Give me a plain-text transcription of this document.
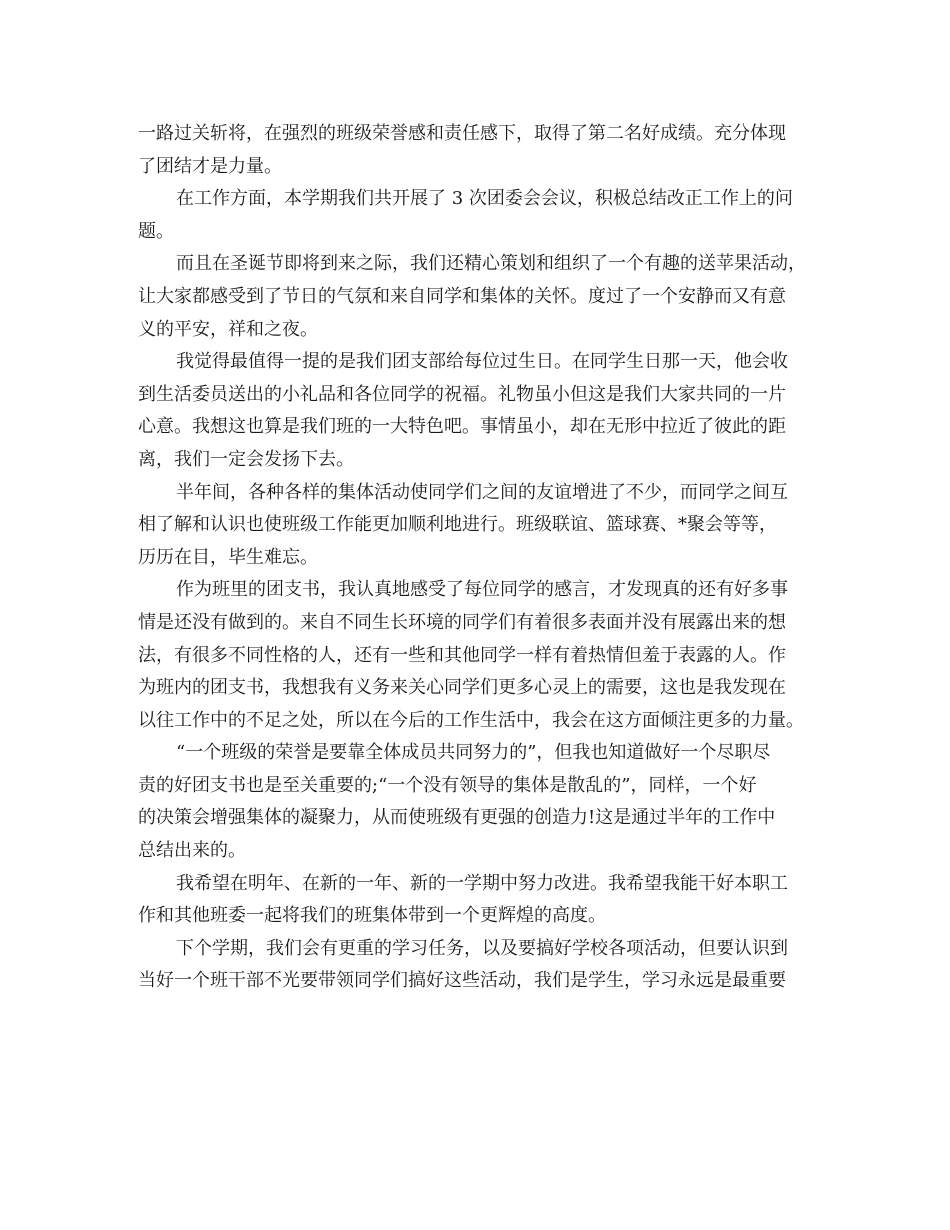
一路过关斩将，在强烈的班级荣誉感和责任感下，取得了第二名好成绩。充分体现
了团结才是力量。
在工作方面，本学期我们共开展了 3 次团委会会议，积极总结改正工作上的问
题。
而且在圣诞节即将到来之际，我们还精心策划和组织了一个有趣的送苹果活动，
让大家都感受到了节日的气氛和来自同学和集体的关怀。度过了一个安静而又有意
义的平安，祥和之夜。
我觉得最值得一提的是我们团支部给每位过生日。在同学生日那一天，他会收
到生活委员送出的小礼品和各位同学的祝福。礼物虽小但这是我们大家共同的一片
心意。我想这也算是我们班的一大特色吧。事情虽小，却在无形中拉近了彼此的距
离，我们一定会发扬下去。
半年间，各种各样的集体活动使同学们之间的友谊增进了不少，而同学之间互
相了解和认识也使班级工作能更加顺利地进行。班级联谊、篮球赛、*聚会等等，
历历在目，毕生难忘。
作为班里的团支书，我认真地感受了每位同学的感言，才发现真的还有好多事
情是还没有做到的。来自不同生长环境的同学们有着很多表面并没有展露出来的想
法，有很多不同性格的人，还有一些和其他同学一样有着热情但羞于表露的人。作
为班内的团支书，我想我有义务来关心同学们更多心灵上的需要，这也是我发现在
以往工作中的不足之处，所以在今后的工作生活中，我会在这方面倾注更多的力量。
“一个班级的荣誉是要靠全体成员共同努力的”，但我也知道做好一个尽职尽
责的好团支书也是至关重要的;“一个没有领导的集体是散乱的”，同样，一个好
的决策会增强集体的凝聚力，从而使班级有更强的创造力!这是通过半年的工作中
总结出来的。
我希望在明年、在新的一年、新的一学期中努力改进。我希望我能干好本职工
作和其他班委一起将我们的班集体带到一个更辉煌的高度。
下个学期，我们会有更重的学习任务，以及要搞好学校各项活动，但要认识到
当好一个班干部不光要带领同学们搞好这些活动，我们是学生，学习永远是最重要
